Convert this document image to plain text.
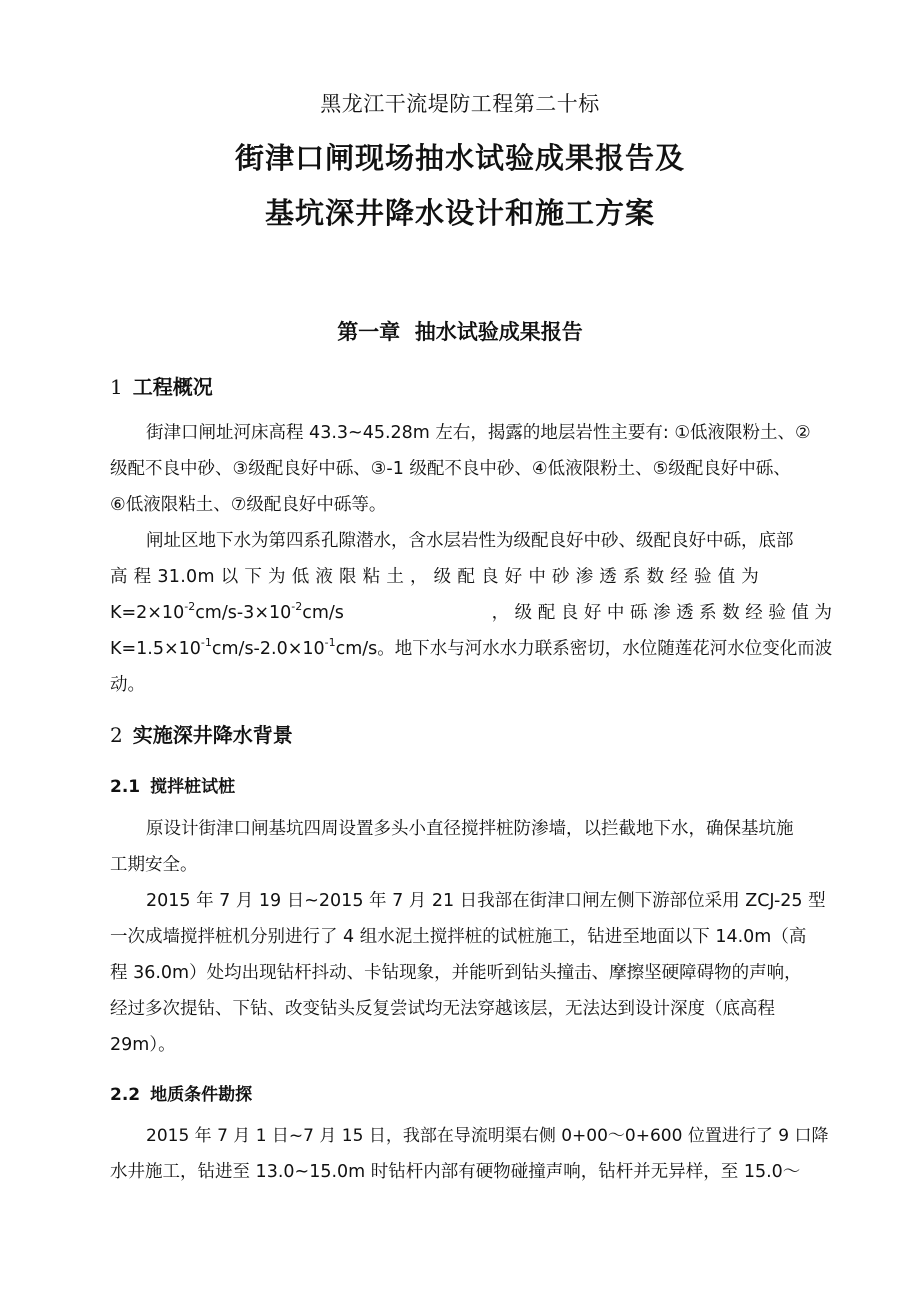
黑龙江干流堤防工程第二十标
街津口闸现场抽水试验成果报告及
基坑深井降水设计和施工方案
第一章  抽水试验成果报告
1 工程概况
街津口闸址河床高程 43.3~45.28m 左右，揭露的地层岩性主要有: ①低液限粉土、②
级配不良中砂、③级配良好中砾、③-1 级配不良中砂、④低液限粉土、⑤级配良好中砾、
⑥低液限粘土、⑦级配良好中砾等。
闸址区地下水为第四系孔隙潜水，含水层岩性为级配良好中砂、级配良好中砾，底部
高 程 31.0m 以 下 为 低 液 限 粘 土 ， 级 配 良 好 中 砂 渗 透 系 数 经 验 值 为
$K=2\times 10^{-2}cm/s-3\times 10^{-2}cm/s$	， 级 配 良 好 中 砾 渗 透 系 数 经 验 值 为
$K=1.5\times 10^{-1}cm/s-2.0\times 10^{-1}cm/s$。地下水与河水水力联系密切，水位随莲花河水位变化而波
动。
2 实施深井降水背景
2.1 搅拌桩试桩
原设计街津口闸基坑四周设置多头小直径搅拌桩防渗墙，以拦截地下水，确保基坑施
工期安全。
2015 年 7 月 19 日~2015 年 7 月 21 日我部在街津口闸左侧下游部位采用 ZCJ-25 型
一次成墙搅拌桩机分别进行了 4 组水泥土搅拌桩的试桩施工，钻进至地面以下 14.0m（高
程 36.0m）处均出现钻杆抖动、卡钻现象，并能听到钻头撞击、摩擦坚硬障碍物的声响，
经过多次提钻、下钻、改变钻头反复尝试均无法穿越该层，无法达到设计深度（底高程
29m）。
2.2 地质条件勘探
2015 年 7 月 1 日~7 月 15 日，我部在导流明渠右侧 0+00～0+600 位置进行了 9 口降
水井施工，钻进至 13.0~15.0m 时钻杆内部有硬物碰撞声响，钻杆并无异样，至 15.0～
